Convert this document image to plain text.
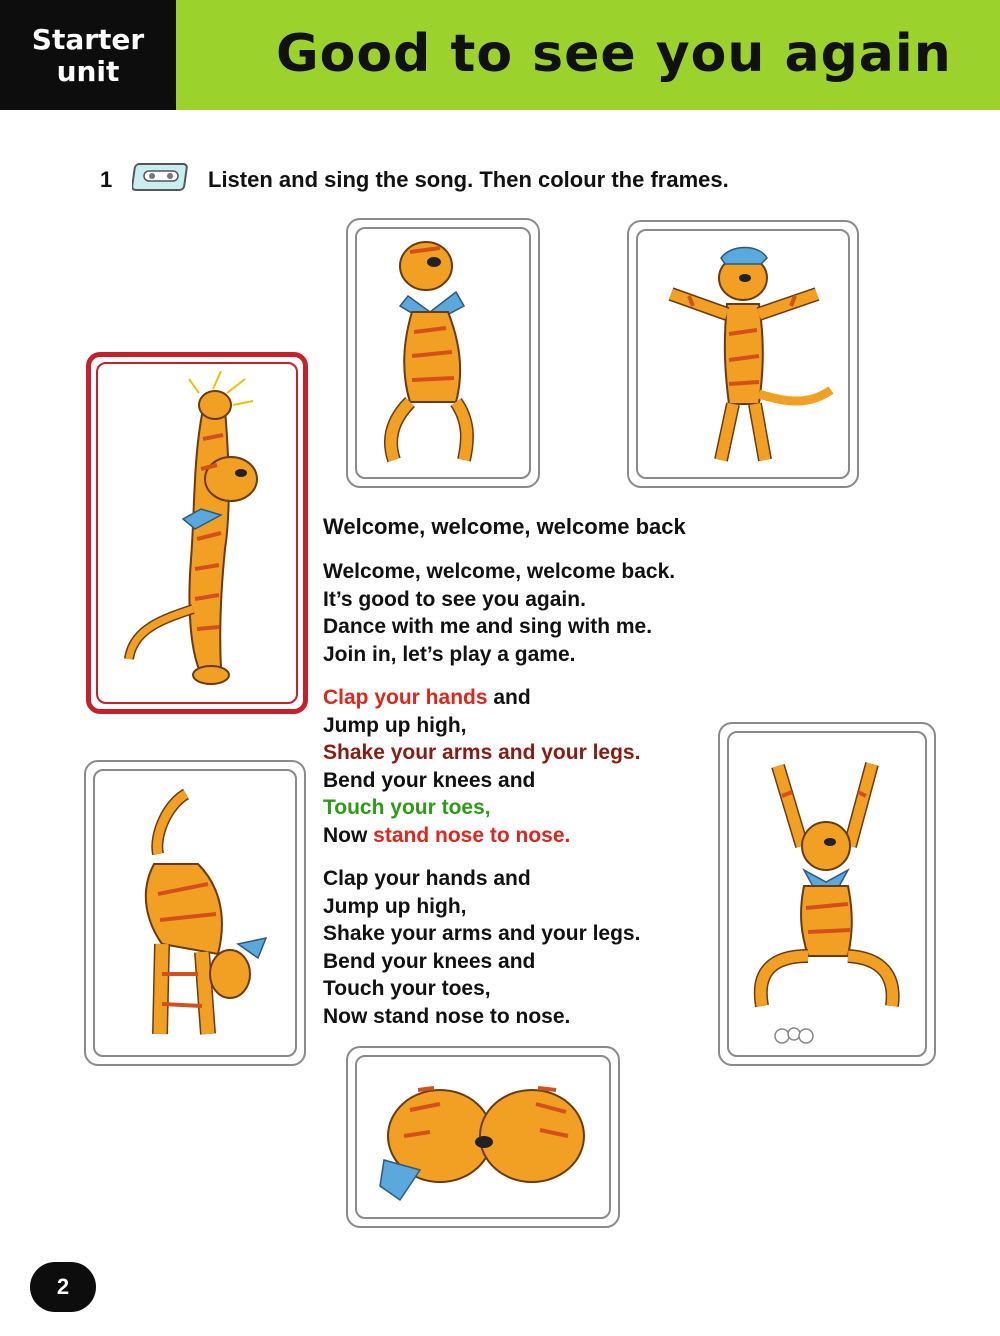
Starter
unit	Good to see you again
1	Listen and sing the song. Then colour the frames.
Welcome, welcome, welcome back
Welcome, welcome, welcome back.
It’s good to see you again.
Dance with me and sing with me.
Join in, let’s play a game.
Clap your hands and
Jump up high,
Shake your arms and your legs.
Bend your knees and
Touch your toes,
Now stand nose to nose.
Clap your hands and
Jump up high,
Shake your arms and your legs.
Bend your knees and
Touch your toes,
Now stand nose to nose.
2
